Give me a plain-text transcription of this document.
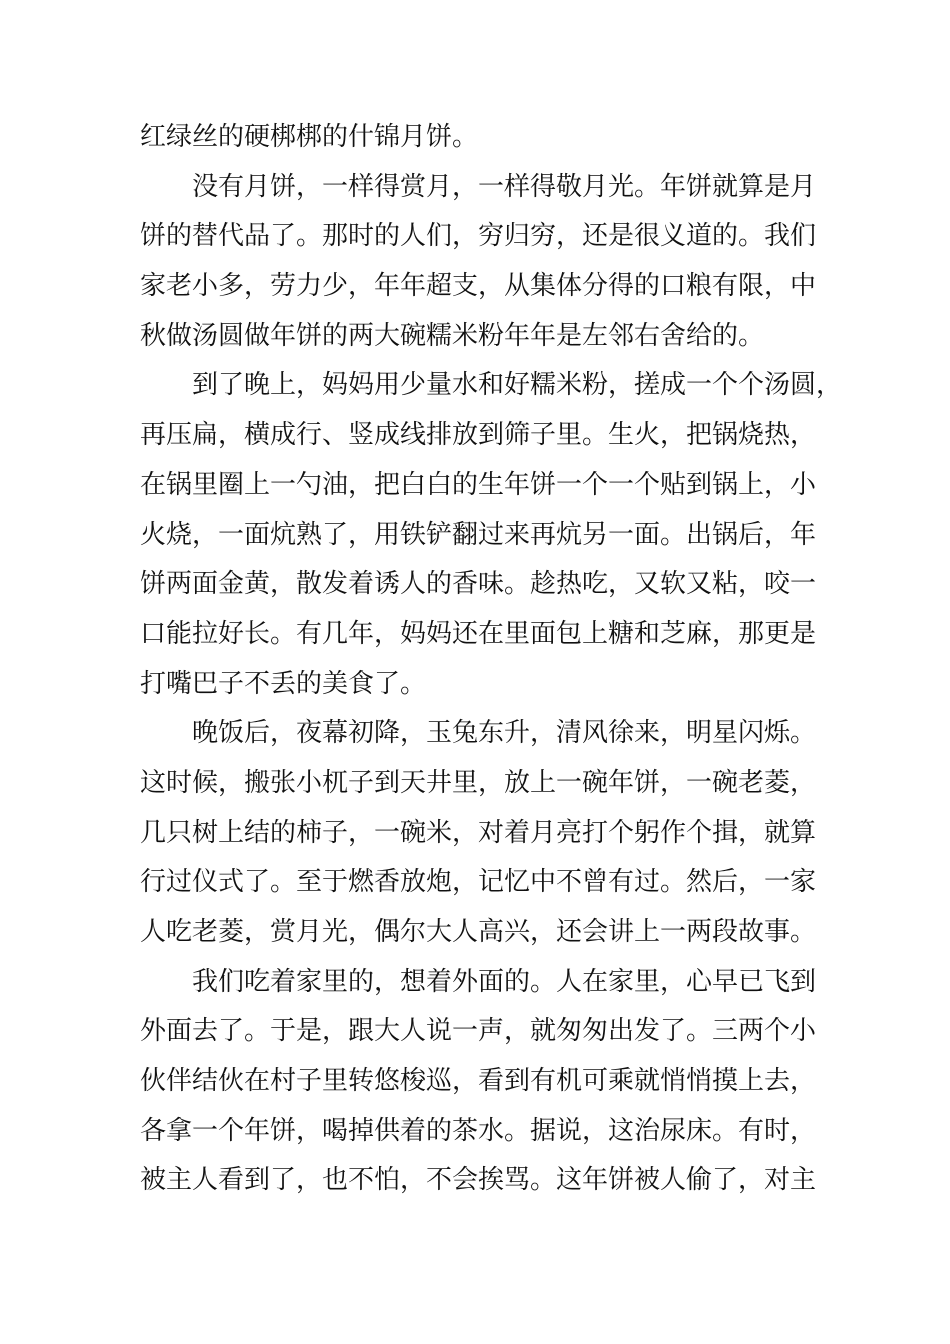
红绿丝的硬梆梆的什锦月饼。
没有月饼，一样得赏月，一样得敬月光。年饼就算是月
饼的替代品了。那时的人们，穷归穷，还是很义道的。我们
家老小多，劳力少，年年超支，从集体分得的口粮有限，中
秋做汤圆做年饼的两大碗糯米粉年年是左邻右舍给的。
到了晚上，妈妈用少量水和好糯米粉，搓成一个个汤圆，
再压扁，横成行、竖成线排放到筛子里。生火，把锅烧热，
在锅里圈上一勺油，把白白的生年饼一个一个贴到锅上，小
火烧，一面炕熟了，用铁铲翻过来再炕另一面。出锅后，年
饼两面金黄，散发着诱人的香味。趁热吃，又软又粘，咬一
口能拉好长。有几年，妈妈还在里面包上糖和芝麻，那更是
打嘴巴子不丢的美食了。
晚饭后，夜幕初降，玉兔东升，清风徐来，明星闪烁。
这时候，搬张小杌子到天井里，放上一碗年饼，一碗老菱，
几只树上结的柿子，一碗米，对着月亮打个躬作个揖，就算
行过仪式了。至于燃香放炮，记忆中不曾有过。然后，一家
人吃老菱，赏月光，偶尔大人高兴，还会讲上一两段故事。
我们吃着家里的，想着外面的。人在家里，心早已飞到
外面去了。于是，跟大人说一声，就匆匆出发了。三两个小
伙伴结伙在村子里转悠梭巡，看到有机可乘就悄悄摸上去，
各拿一个年饼，喝掉供着的茶水。据说，这治尿床。有时，
被主人看到了，也不怕，不会挨骂。这年饼被人偷了，对主
